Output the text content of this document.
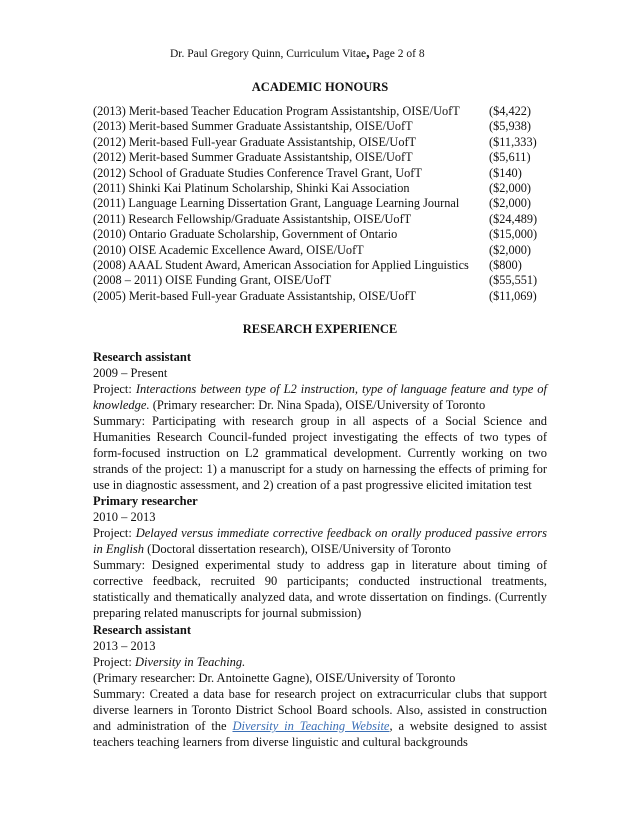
Dr. Paul Gregory Quinn, Curriculum Vitae, Page 2 of 8
ACADEMIC HONOURS
(2013) Merit-based Teacher Education Program Assistantship, OISE/UofT ($4,422)
(2013) Merit-based Summer Graduate Assistantship, OISE/UofT	($5,938)
(2012) Merit-based Full-year Graduate Assistantship, OISE/UofT	($11,333)
(2012) Merit-based Summer Graduate Assistantship, OISE/UofT	($5,611)
(2012) School of Graduate Studies Conference Travel Grant, UofT	($140)
(2011) Shinki Kai Platinum Scholarship, Shinki Kai Association	($2,000)
(2011) Language Learning Dissertation Grant, Language Learning Journal ($2,000)
(2011) Research Fellowship/Graduate Assistantship, OISE/UofT	($24,489)
(2010) Ontario Graduate Scholarship, Government of Ontario	($15,000)
(2010) OISE Academic Excellence Award, OISE/UofT	($2,000)
(2008) AAAL Student Award, American Association for Applied Linguistics ($800)
(2008 – 2011) OISE Funding Grant, OISE/UofT	($55,551)
(2005) Merit-based Full-year Graduate Assistantship, OISE/UofT	($11,069)
RESEARCH EXPERIENCE
Research assistant
2009 – Present

Project: Interactions between type of L2 instruction, type of language feature and type of knowledge. (Primary researcher: Dr. Nina Spada), OISE/University of Toronto

Summary: Participating with research group in all aspects of a Social Science and Humanities Research Council-funded project investigating the effects of two types of form-focused instruction on L2 grammatical development. Currently working on two strands of the project: 1) a manuscript for a study on harnessing the effects of priming for use in diagnostic assessment, and 2) creation of a past progressive elicited imitation test

Primary researcher
2010 – 2013

Project: Delayed versus immediate corrective feedback on orally produced passive errors in English (Doctoral dissertation research), OISE/University of Toronto

Summary: Designed experimental study to address gap in literature about timing of corrective feedback, recruited 90 participants; conducted instructional treatments, statistically and thematically analyzed data, and wrote dissertation on findings. (Currently preparing related manuscripts for journal submission)

Research assistant
2013 – 2013
Project: Diversity in Teaching.
(Primary researcher: Dr. Antoinette Gagne), OISE/University of Toronto

Summary: Created a data base for research project on extracurricular clubs that support diverse learners in Toronto District School Board schools. Also, assisted in construction and administration of the Diversity in Teaching Website, a website designed to assist teachers teaching learners from diverse linguistic and cultural backgrounds
